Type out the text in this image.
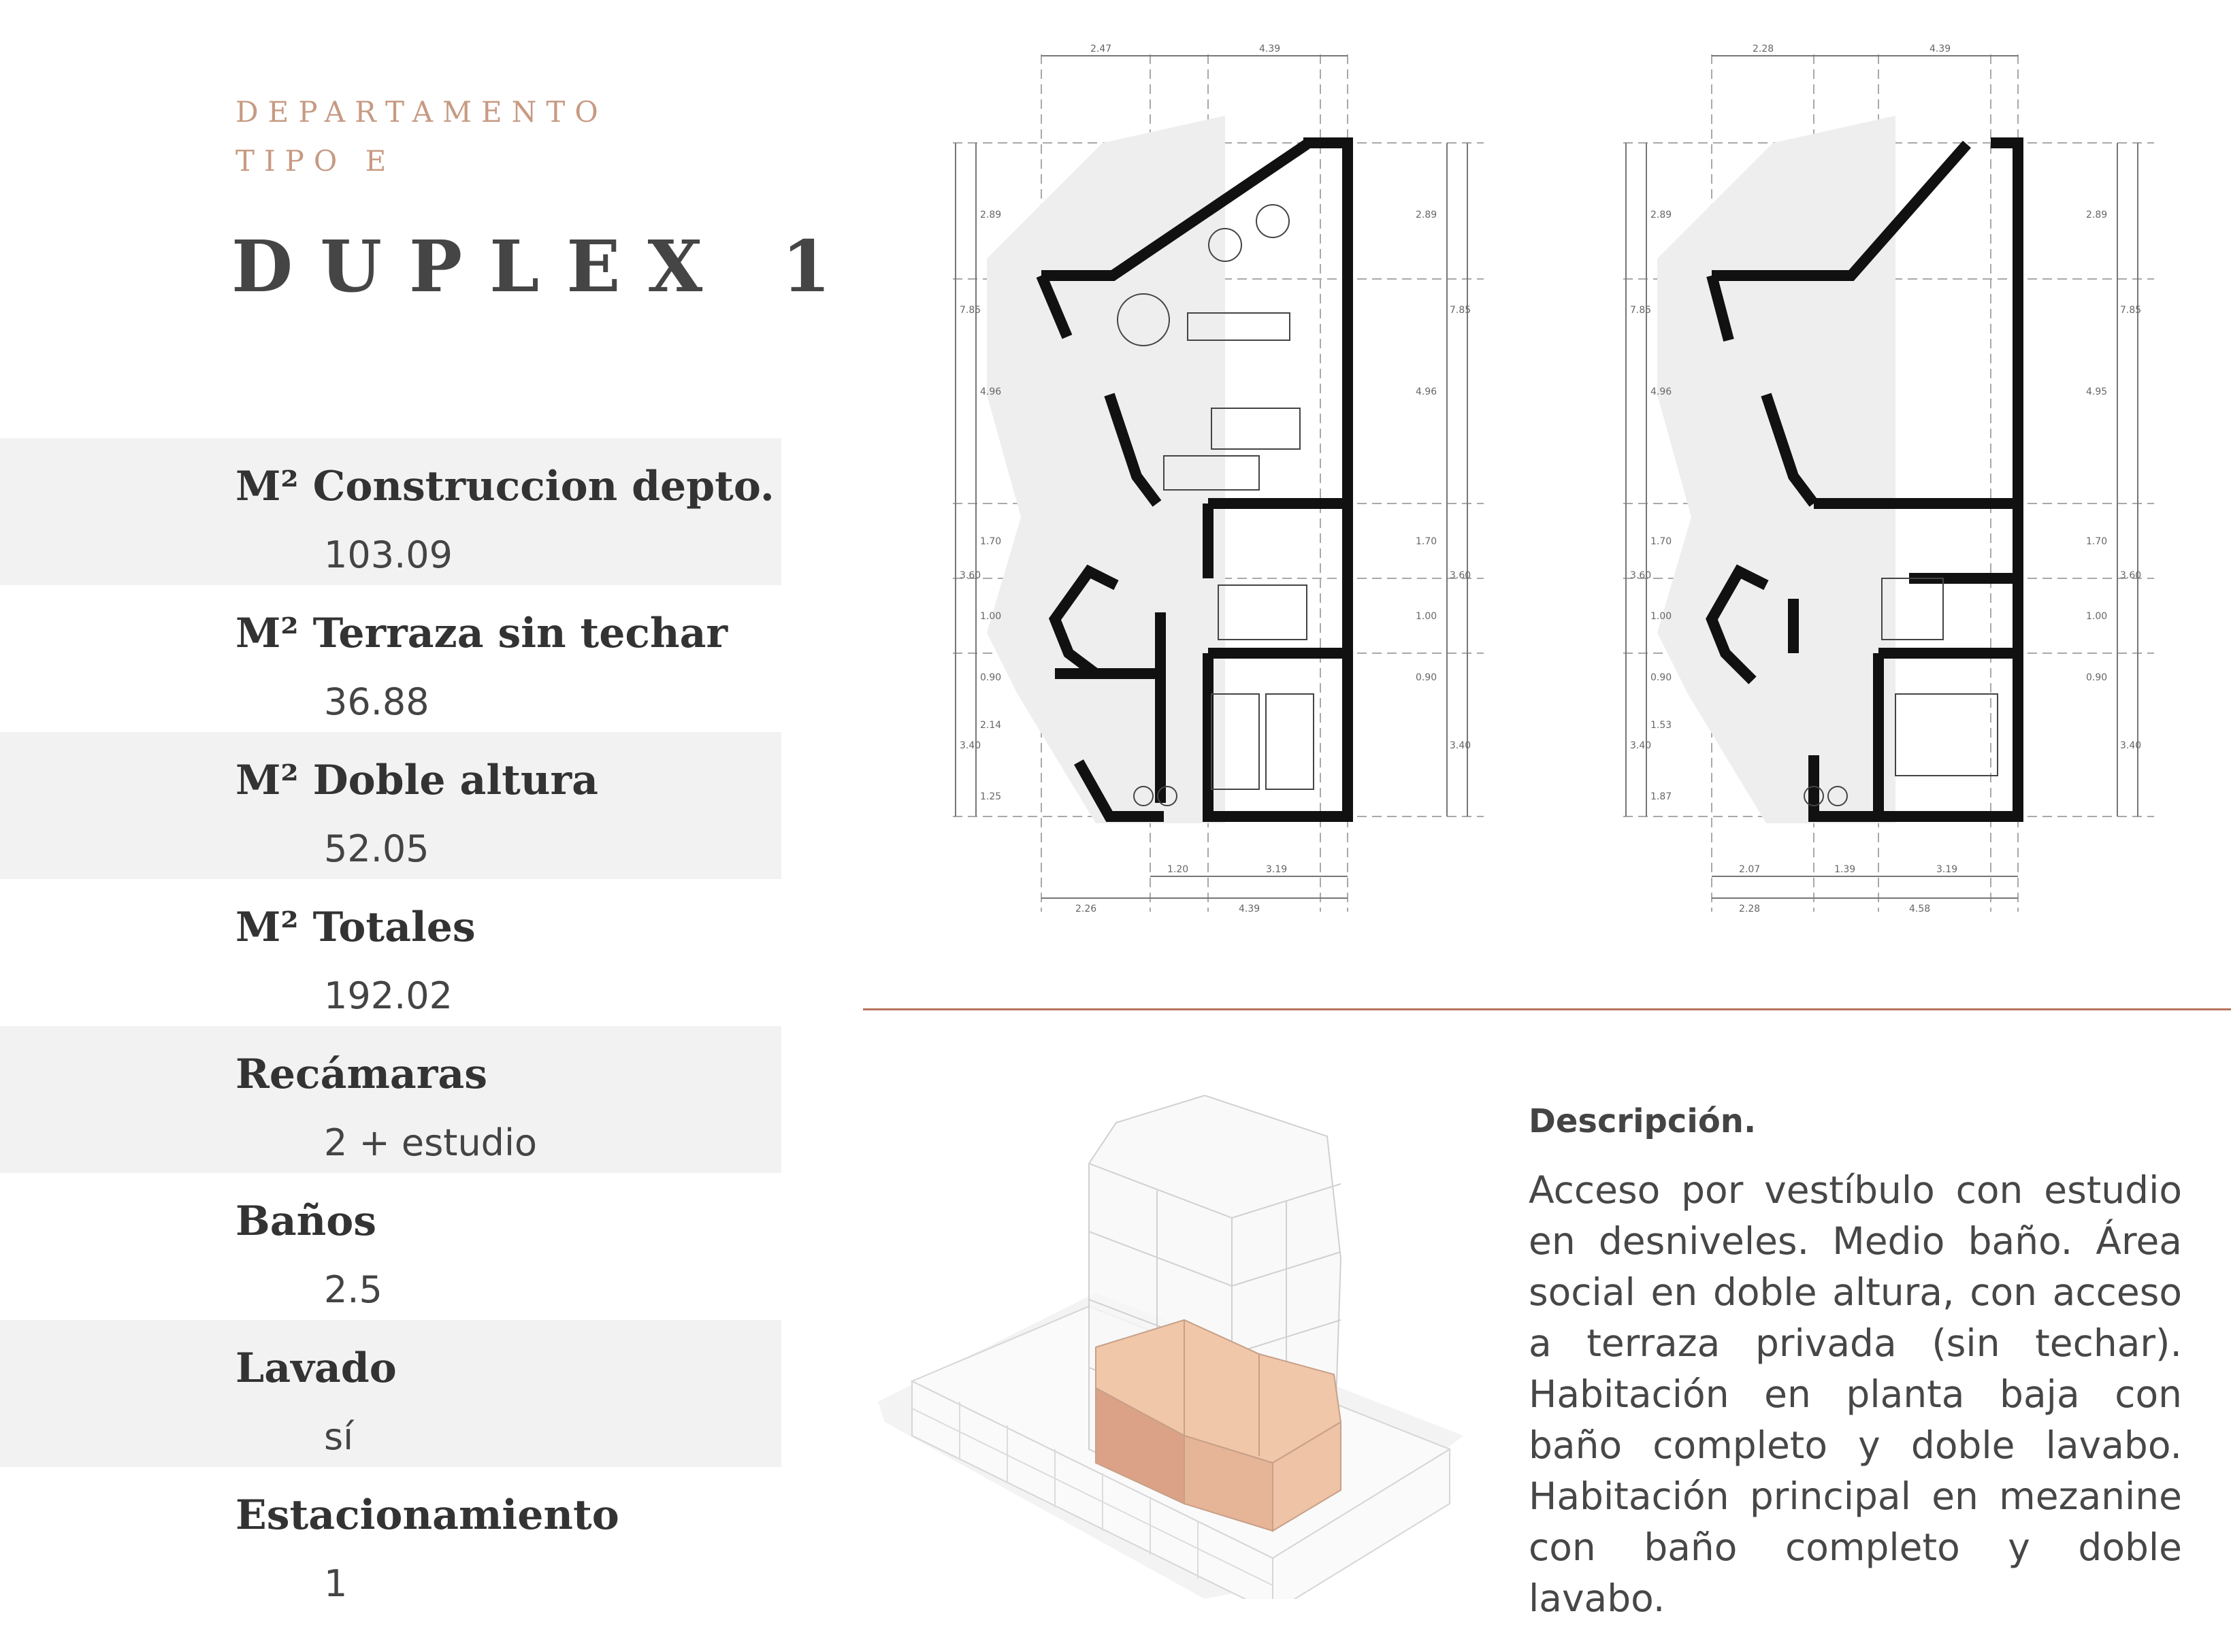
DEPARTAMENTO
TIPO E
DUPLEX 1
M² Construccion depto.
103.09
M² Terraza sin techar
36.88
M² Doble altura
52.05
M² Totales
192.02
Recámaras
2 + estudio
Baños
2.5
Lavado
sí
Estacionamiento
1
2.47	4.39
2.89
7.85
4.96
3.60
1.70
1.00
0.90
3.40
2.14
1.25
7.85
2.89
4.96
3.60
1.70
1.00
0.90
3.40
1.20	3.19
2.26	4.39
2.28	4.39
7.85
2.89
4.96
3.60
1.70
1.00
0.90
3.40
1.53
1.87
7.85
2.89
4.95
3.60
1.70
1.00
0.90
3.40
2.07	1.39	3.19
2.28	4.58
Descripción.
Acceso por vestíbulo con estudio en desniveles. Medio baño. Área social en doble altura, con acceso a terraza privada (sin techar). Habitación en planta baja con baño completo y doble lavabo. Habitación principal en mezanine con baño completo y doble lavabo.
